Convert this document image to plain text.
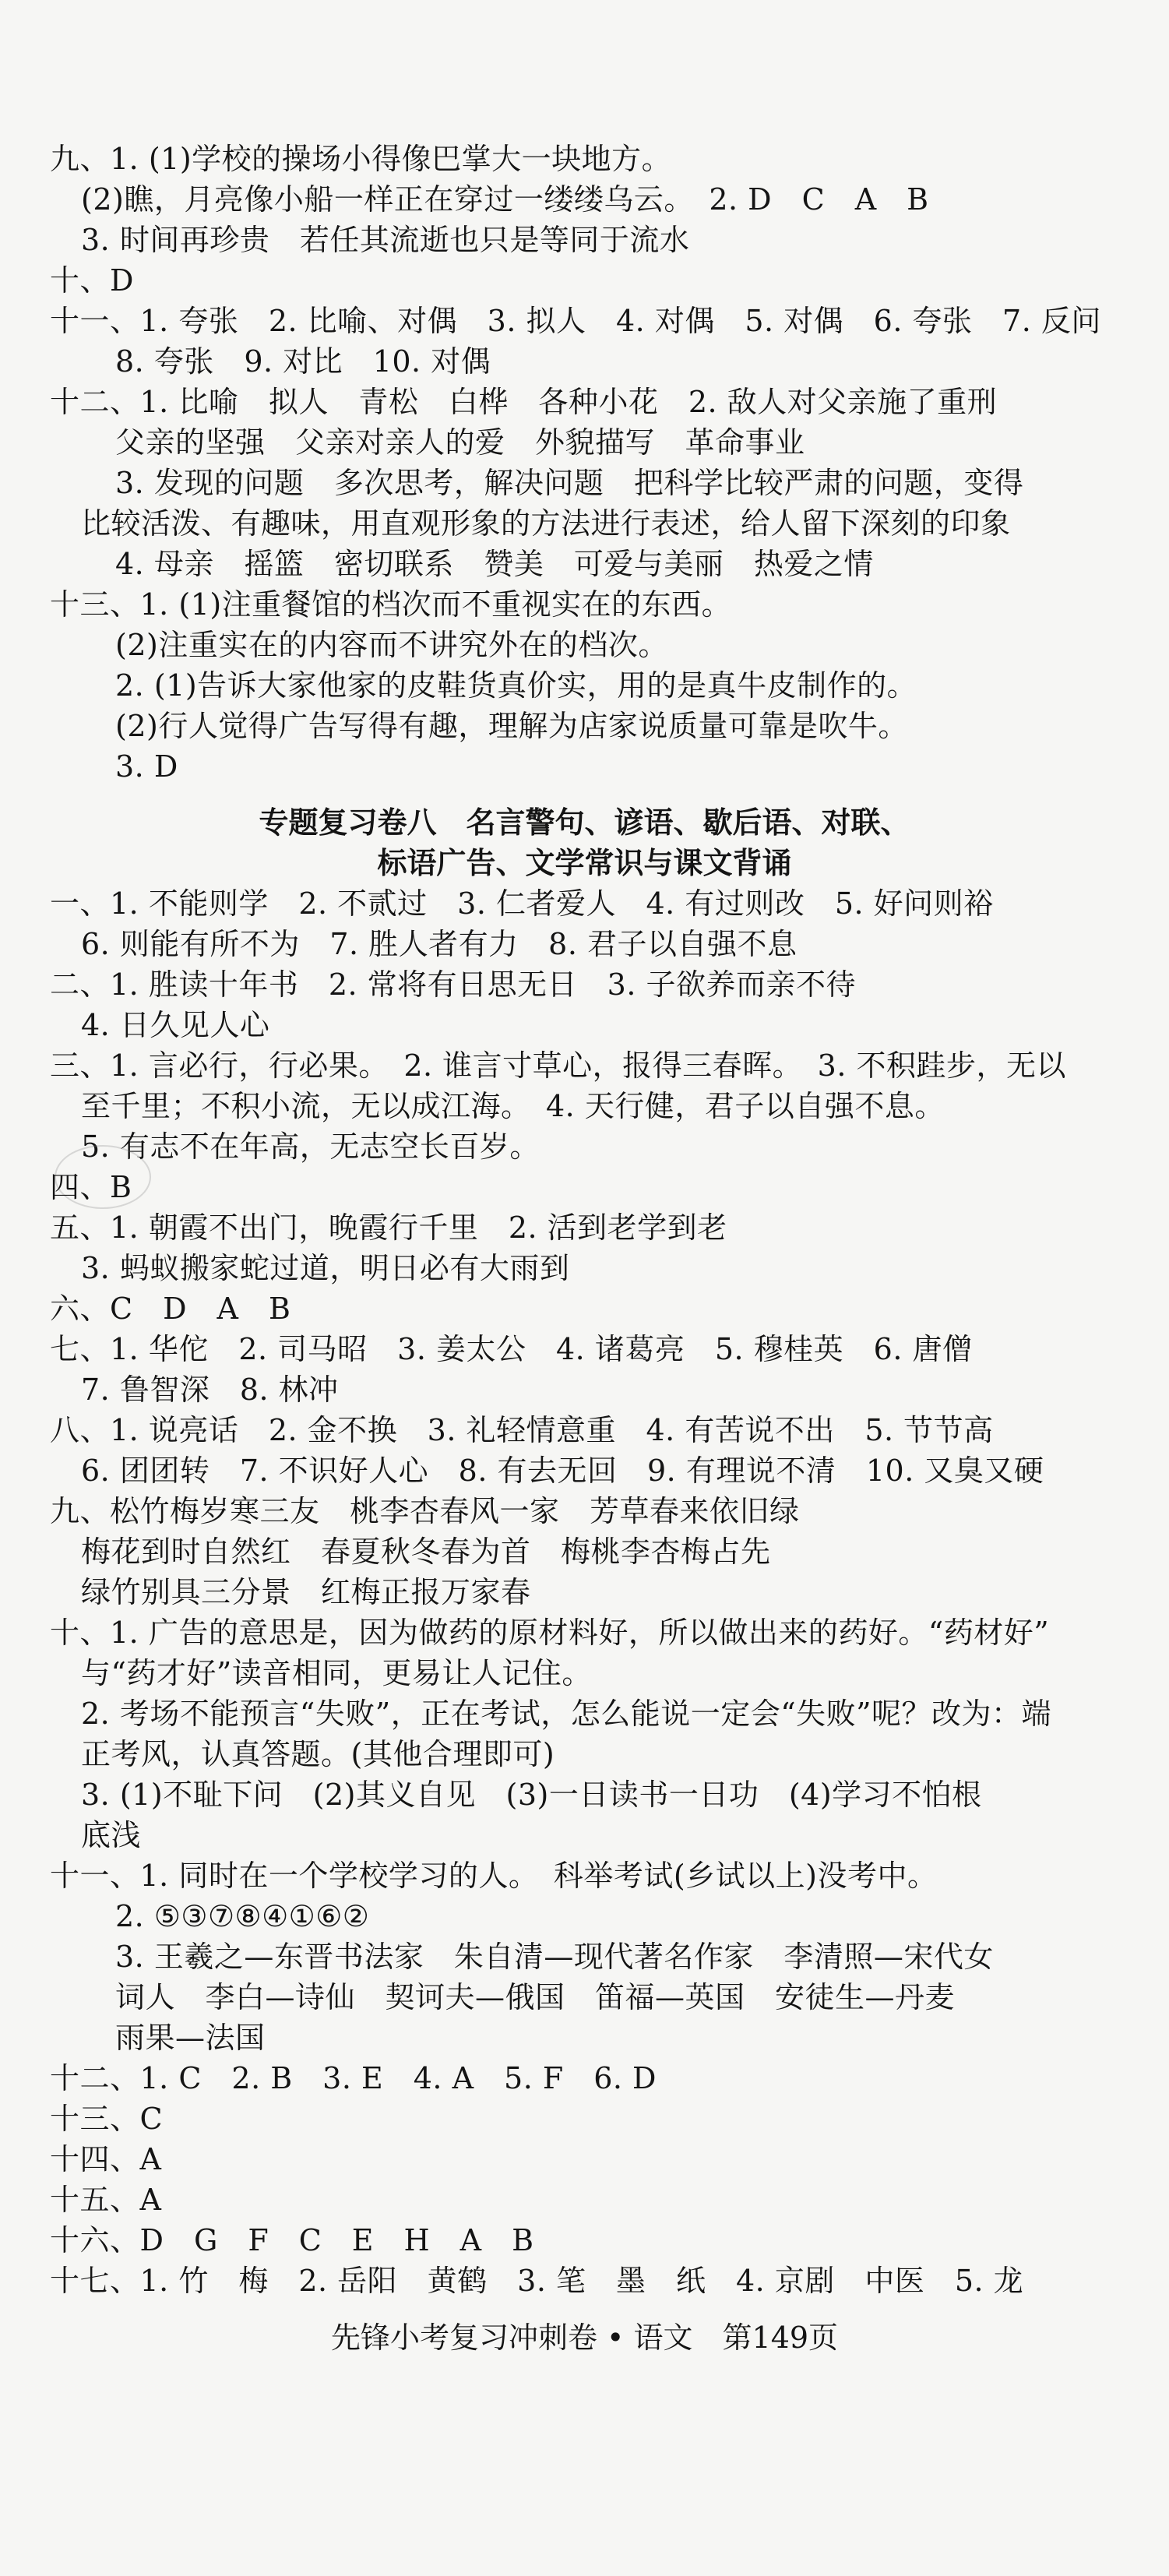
九、1. (1)学校的操场小得像巴掌大一块地方。
(2)瞧，月亮像小船一样正在穿过一缕缕乌云。　2. D　C　A　B
3. 时间再珍贵　若任其流逝也只是等同于流水
十、D
十一、1. 夸张　2. 比喻、对偶　3. 拟人　4. 对偶　5. 对偶　6. 夸张　7. 反问
8. 夸张　9. 对比　10. 对偶
十二、1. 比喻　拟人　青松　白桦　各种小花　2. 敌人对父亲施了重刑
父亲的坚强　父亲对亲人的爱　外貌描写　革命事业
3. 发现的问题　多次思考，解决问题　把科学比较严肃的问题，变得
比较活泼、有趣味，用直观形象的方法进行表述，给人留下深刻的印象
4. 母亲　摇篮　密切联系　赞美　可爱与美丽　热爱之情
十三、1. (1)注重餐馆的档次而不重视实在的东西。
(2)注重实在的内容而不讲究外在的档次。
2. (1)告诉大家他家的皮鞋货真价实，用的是真牛皮制作的。
(2)行人觉得广告写得有趣，理解为店家说质量可靠是吹牛。
3. D
专题复习卷八　名言警句、谚语、歇后语、对联、
标语广告、文学常识与课文背诵
一、1. 不能则学　2. 不贰过　3. 仁者爱人　4. 有过则改　5. 好问则裕
6. 则能有所不为　7. 胜人者有力　8. 君子以自强不息
二、1. 胜读十年书　2. 常将有日思无日　3. 子欲养而亲不待
4. 日久见人心
三、1. 言必行，行必果。　2. 谁言寸草心，报得三春晖。　3. 不积跬步，无以
至千里；不积小流，无以成江海。　4. 天行健，君子以自强不息。
5. 有志不在年高，无志空长百岁。
四、B
五、1. 朝霞不出门，晚霞行千里　2. 活到老学到老
3. 蚂蚁搬家蛇过道，明日必有大雨到
六、C　D　A　B
七、1. 华佗　2. 司马昭　3. 姜太公　4. 诸葛亮　5. 穆桂英　6. 唐僧
7. 鲁智深　8. 林冲
八、1. 说亮话　2. 金不换　3. 礼轻情意重　4. 有苦说不出　5. 节节高
6. 团团转　7. 不识好人心　8. 有去无回　9. 有理说不清　10. 又臭又硬
九、松竹梅岁寒三友　桃李杏春风一家　芳草春来依旧绿
梅花到时自然红　春夏秋冬春为首　梅桃李杏梅占先
绿竹别具三分景　红梅正报万家春
十、1. 广告的意思是，因为做药的原材料好，所以做出来的药好。“药材好”
与“药才好”读音相同，更易让人记住。
2. 考场不能预言“失败”，正在考试，怎么能说一定会“失败”呢？改为：端
正考风，认真答题。(其他合理即可)
3. (1)不耻下问　(2)其义自见　(3)一日读书一日功　(4)学习不怕根
底浅
十一、1. 同时在一个学校学习的人。　科举考试(乡试以上)没考中。
2. ⑤③⑦⑧④①⑥②
3. 王羲之—东晋书法家　朱自清—现代著名作家　李清照—宋代女
词人　李白—诗仙　契诃夫—俄国　笛福—英国　安徒生—丹麦
雨果—法国
十二、1. C　2. B　3. E　4. A　5. F　6. D
十三、C
十四、A
十五、A
十六、D　G　F　C　E　H　A　B
十七、1. 竹　梅　2. 岳阳　黄鹤　3. 笔　墨　纸　4. 京剧　中医　5. 龙
先锋小考复习冲刺卷 • 语文　第149页
